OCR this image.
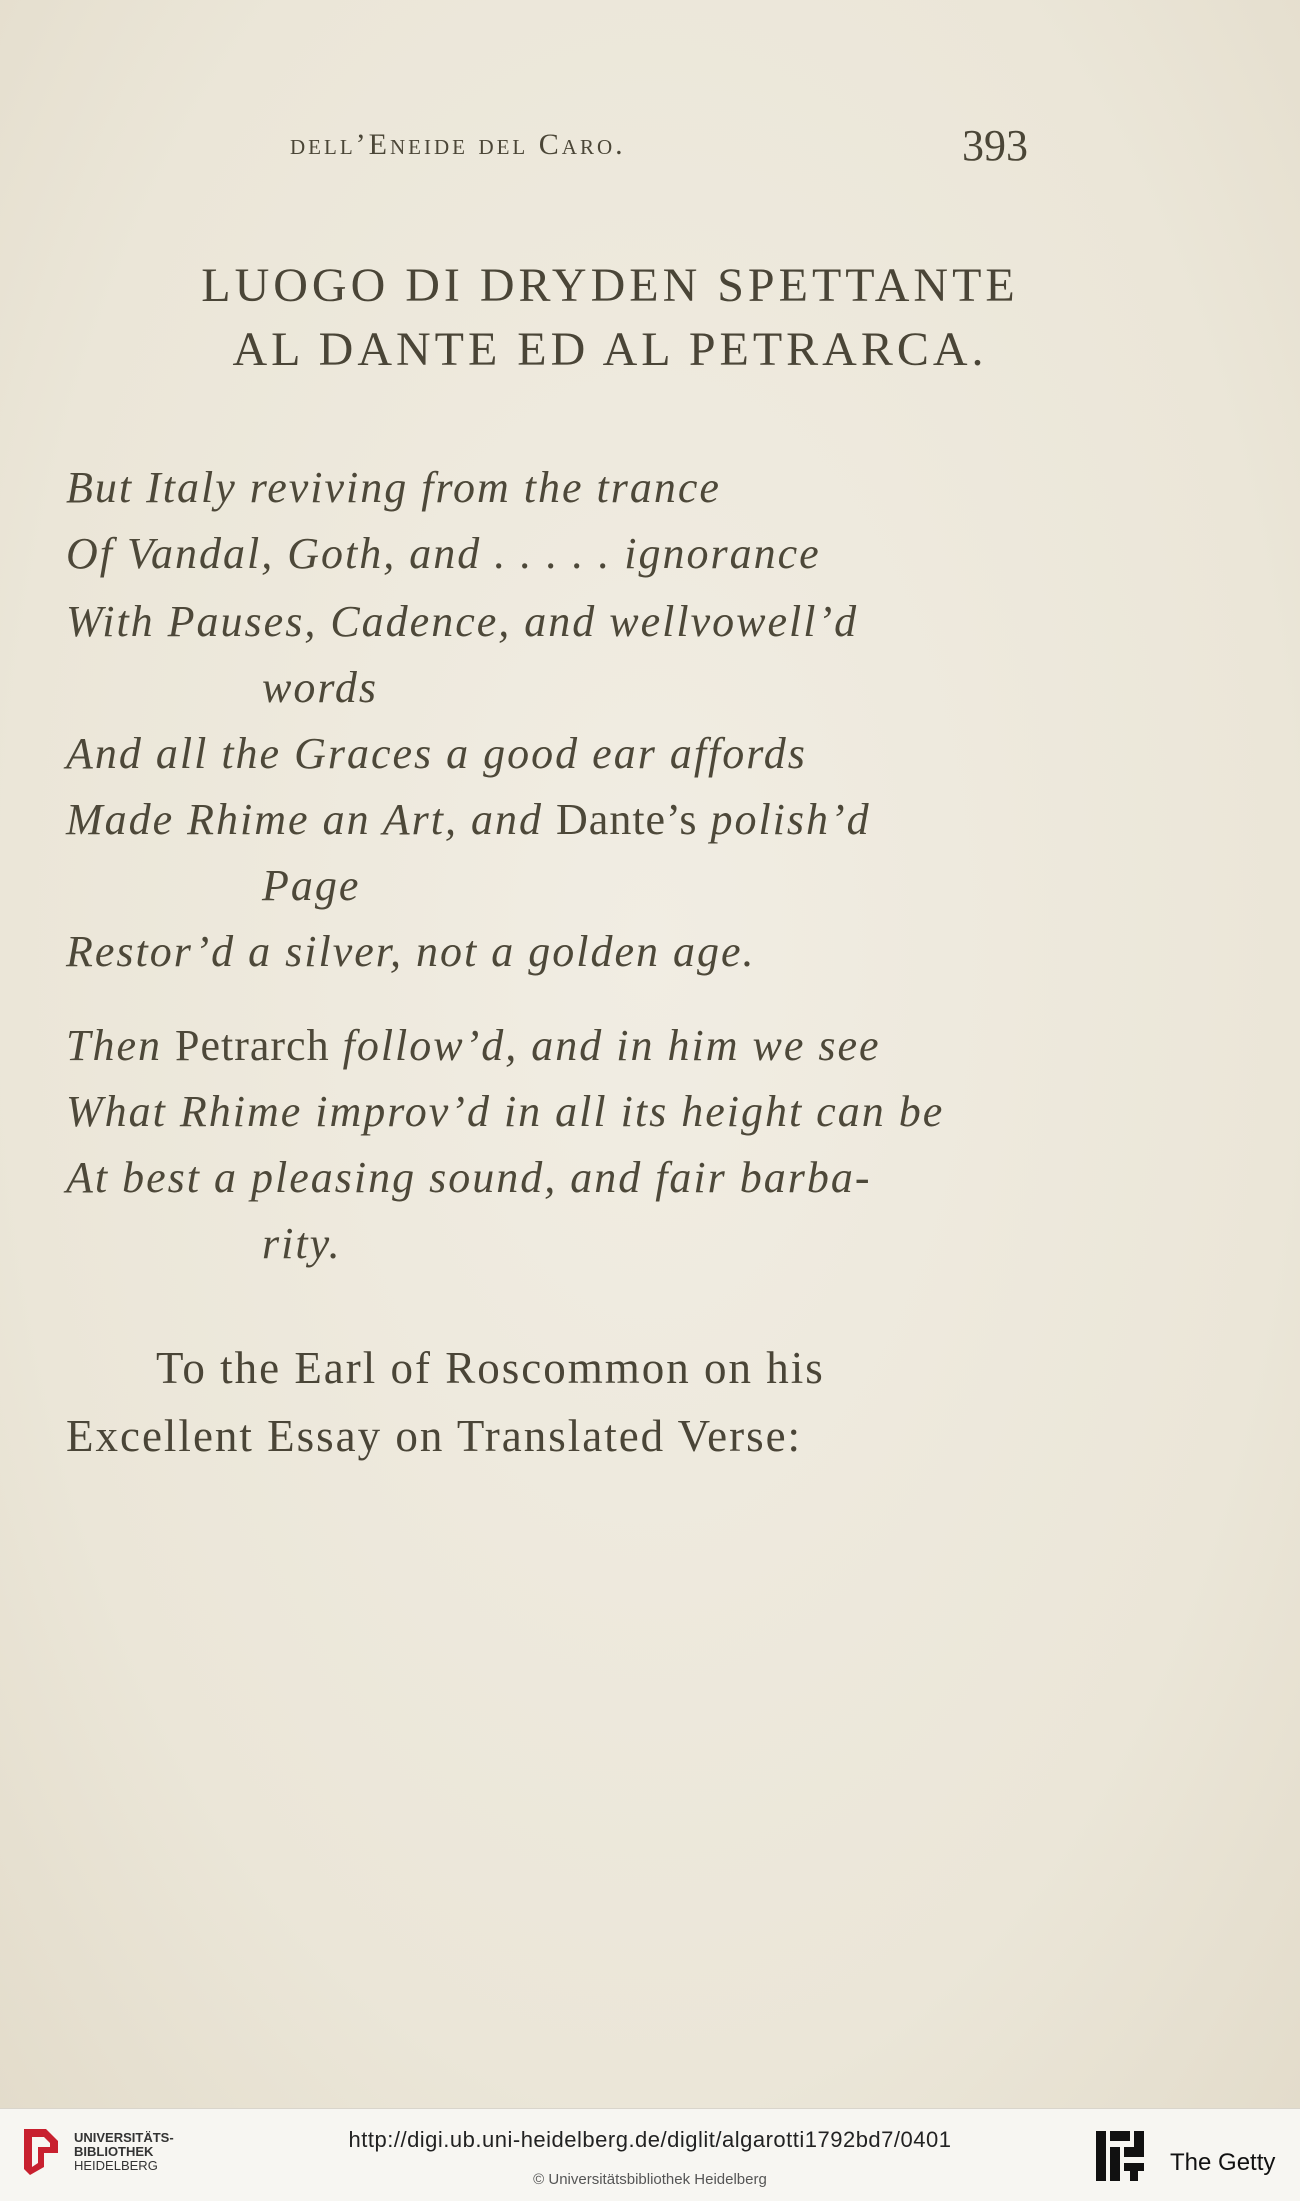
dell’Eneide del Caro.	393
LUOGO DI DRYDEN SPETTANTE
AL DANTE ED AL PETRARCA.
But Italy reviving from the trance
Of Vandal, Goth, and . . . . . ignorance
With Pauses, Cadence, and wellvowell’d
words
And all the Graces a good ear affords
Made Rhime an Art, and Dante’s polish’d
Page
Restor’d a silver, not a golden age.
Then Petrarch follow’d, and in him we see
What Rhime improv’d in all its height can be
At best a pleasing sound, and fair barba-
rity.
To the Earl of Roscommon on his
Excellent Essay on Translated Verse:
UNIVERSITÄTS-
BIBLIOTHEK
HEIDELBERG
http://digi.ub.uni-heidelberg.de/diglit/algarotti1792bd7/0401
© Universitätsbibliothek Heidelberg
The Getty
